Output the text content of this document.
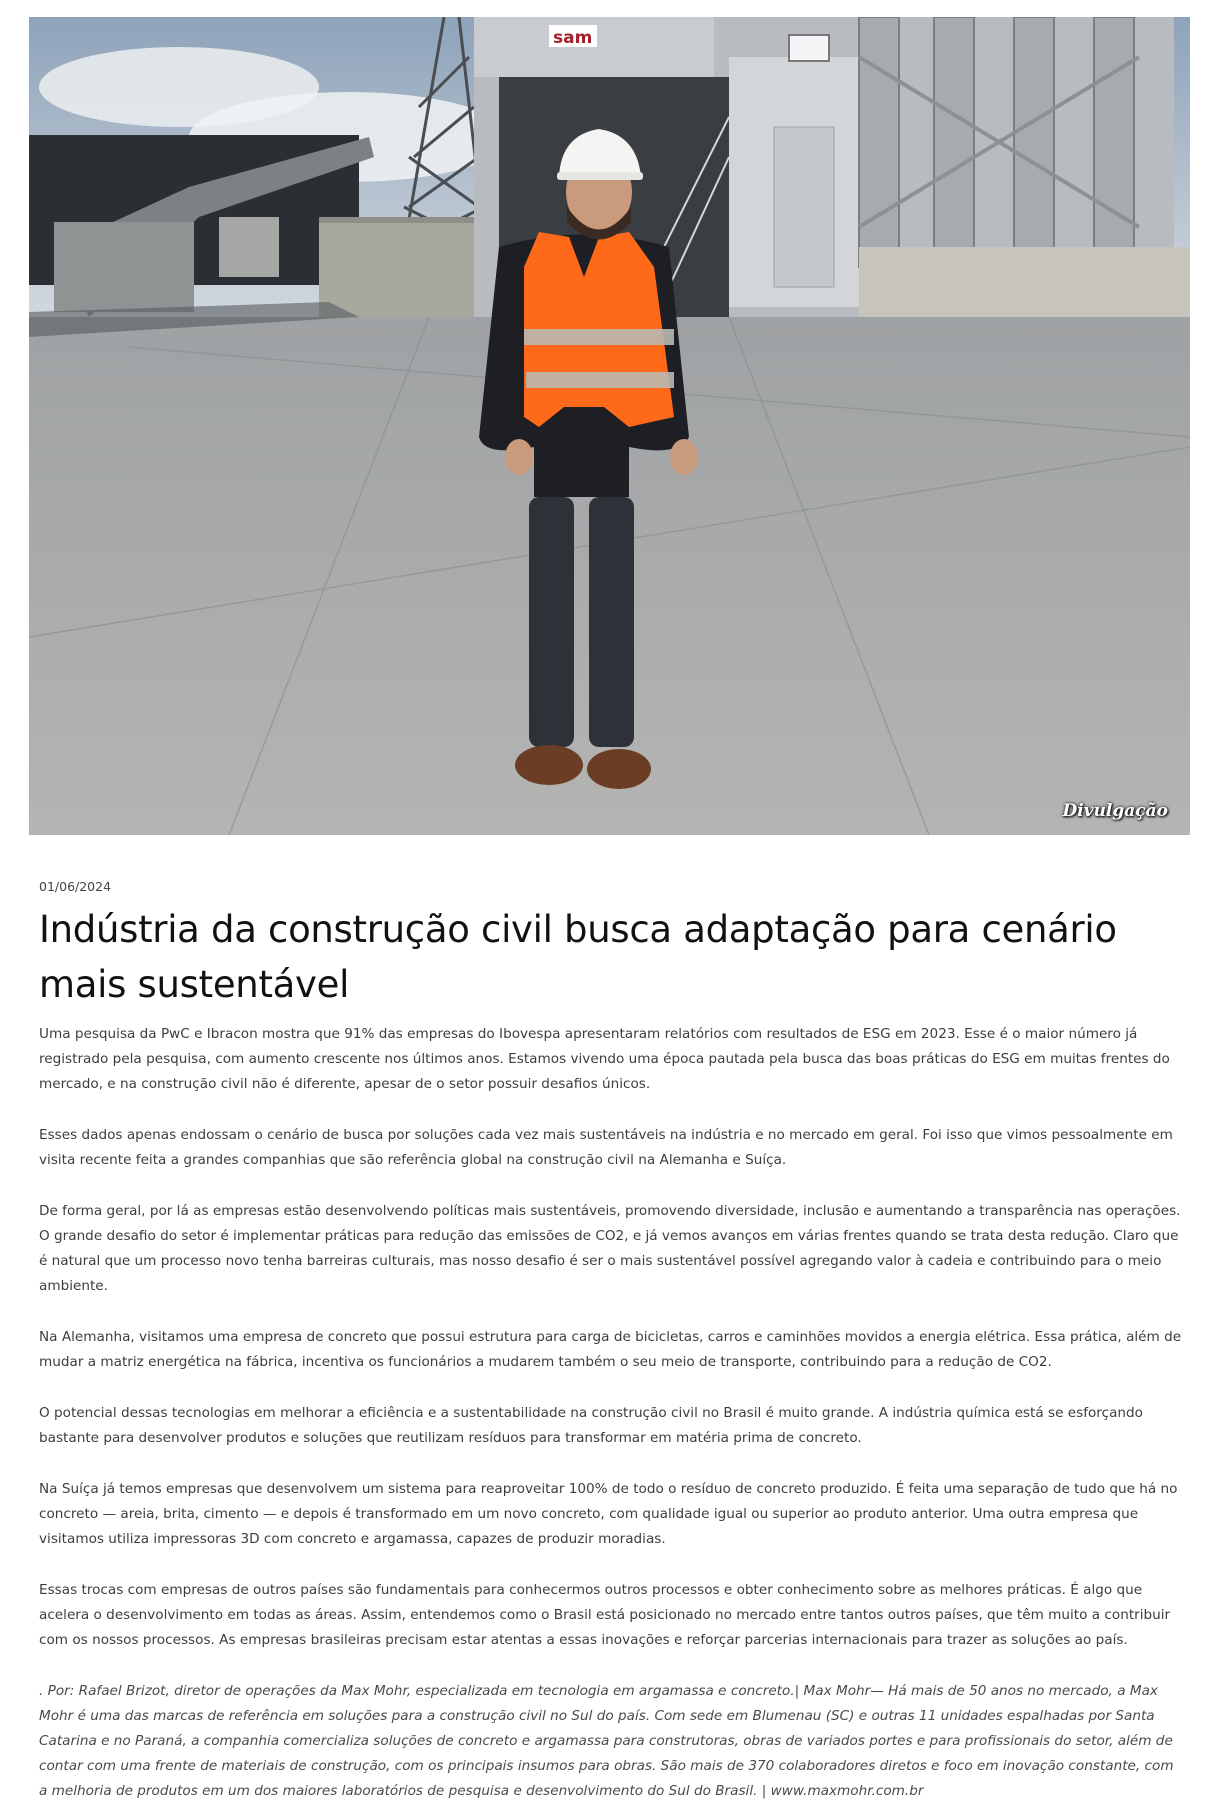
sam
Divulgação
01/06/2024
Indústria da construção civil busca adaptação para cenário mais sustentável

Uma pesquisa da PwC e Ibracon mostra que 91% das empresas do Ibovespa apresentaram relatórios com resultados de ESG em 2023. Esse é o maior número já registrado pela pesquisa, com aumento crescente nos últimos anos. Estamos vivendo uma época pautada pela busca das boas práticas do ESG em muitas frentes do mercado, e na construção civil não é diferente, apesar de o setor possuir desafios únicos.

Esses dados apenas endossam o cenário de busca por soluções cada vez mais sustentáveis na indústria e no mercado em geral. Foi isso que vimos pessoalmente em visita recente feita a grandes companhias que são referência global na construção civil na Alemanha e Suíça.

De forma geral, por lá as empresas estão desenvolvendo políticas mais sustentáveis, promovendo diversidade, inclusão e aumentando a transparência nas operações. O grande desafio do setor é implementar práticas para redução das emissões de CO2, e já vemos avanços em várias frentes quando se trata desta redução. Claro que é natural que um processo novo tenha barreiras culturais, mas nosso desafio é ser o mais sustentável possível agregando valor à cadeia e contribuindo para o meio ambiente.

Na Alemanha, visitamos uma empresa de concreto que possui estrutura para carga de bicicletas, carros e caminhões movidos a energia elétrica. Essa prática, além de mudar a matriz energética na fábrica, incentiva os funcionários a mudarem também o seu meio de transporte, contribuindo para a redução de CO2.

O potencial dessas tecnologias em melhorar a eficiência e a sustentabilidade na construção civil no Brasil é muito grande. A indústria química está se esforçando bastante para desenvolver produtos e soluções que reutilizam resíduos para transformar em matéria prima de concreto.

Na Suíça já temos empresas que desenvolvem um sistema para reaproveitar 100% de todo o resíduo de concreto produzido. É feita uma separação de tudo que há no concreto — areia, brita, cimento — e depois é transformado em um novo concreto, com qualidade igual ou superior ao produto anterior. Uma outra empresa que visitamos utiliza impressoras 3D com concreto e argamassa, capazes de produzir moradias.

Essas trocas com empresas de outros países são fundamentais para conhecermos outros processos e obter conhecimento sobre as melhores práticas. É algo que acelera o desenvolvimento em todas as áreas. Assim, entendemos como o Brasil está posicionado no mercado entre tantos outros países, que têm muito a contribuir com os nossos processos. As empresas brasileiras precisam estar atentas a essas inovações e reforçar parcerias internacionais para trazer as soluções ao país.

. Por: Rafael Brizot, diretor de operações da Max Mohr, especializada em tecnologia em argamassa e concreto.| Max Mohr— Há mais de 50 anos no mercado, a Max Mohr é uma das marcas de referência em soluções para a construção civil no Sul do país. Com sede em Blumenau (SC) e outras 11 unidades espalhadas por Santa Catarina e no Paraná, a companhia comercializa soluções de concreto e argamassa para construtoras, obras de variados portes e para profissionais do setor, além de contar com uma frente de materiais de construção, com os principais insumos para obras. São mais de 370 colaboradores diretos e foco em inovação constante, com a melhoria de produtos em um dos maiores laboratórios de pesquisa e desenvolvimento do Sul do Brasil. | www.maxmohr.com.br
